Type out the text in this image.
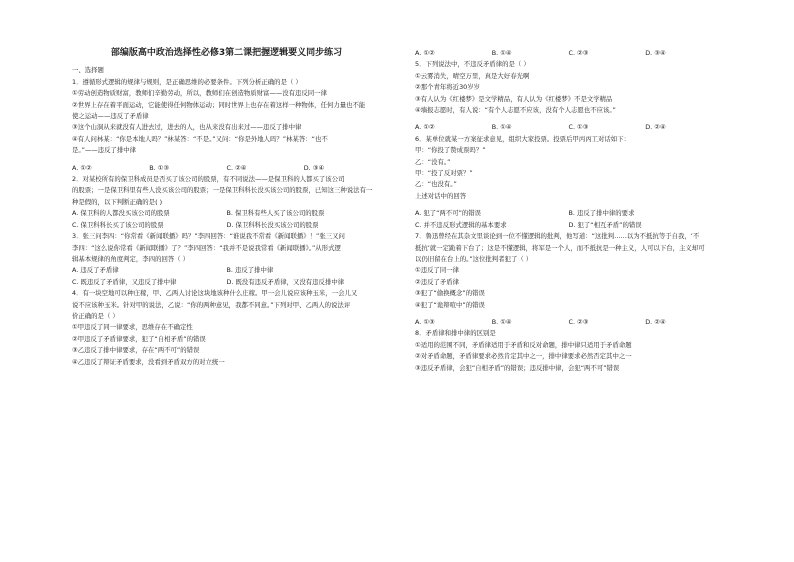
部编版高中政治选择性必修3第二课把握逻辑要义同步练习
一、选择题
1．遵循形式逻辑的规律与规则，是正确思维的必要条件。下列分析正确的是（ ）
①劳动创造物质财富，教师们辛勤劳动，所以，教师们在创造物质财富——没有违反同一律
②世界上存在着平面运动，它能使得任何物体运动；同时世界上也存在着这样一种物体，任何力量也不能
使之运动——违反了矛盾律
③这个山洞从来就没有人进去过，进去的人，也从来没有出来过——违反了排中律
④有人问林某：“你是本地人吗？”林某答：“不是。”又问：“你是外地人吗？”林某答：“也不
是。”——违反了排中律
A. ①②	B. ①③	C. ②④	D. ③④
2．对某校所有的保卫科成员是否买了该公司的股票，有不同说法——是保卫科的人都买了该公司
的股票；一是保卫科里有些人没买该公司的股票；一是保卫科科长没买该公司的股票，已知这三种说法有一
种是假的，以下判断正确的是( )
A. 保卫科的人都没买该公司的股票	B. 保卫科有些人买了该公司的股票
C. 保卫科科长买了该公司的股票	D. 保卫科科长没买该公司的股票
3．张三问李四：“你常看《新闻联播》吗？”李四回答：“谁说我不常看《新闻联播》！”张三又问
李四：“这么说你常看《新闻联播》了？”李四回答：“我并不是说我常看《新闻联播》。”从形式逻
辑基本规律的角度判定，李四的回答（ ）
A. 违反了矛盾律	B. 违反了排中律
C. 既违反了矛盾律，又违反了排中律	D. 既没有违反矛盾律，又没有违反排中律
4．有一块空地可以种庄稼，甲、乙两人讨论这块地该种什么庄稼。甲一会儿说应该种玉米，一会儿又
说不应该种玉米。针对甲的说法，乙说：“你的两种意见，我都不同意。”下列对甲、乙两人的说法评
价正确的是（ ）
①甲违反了同一律要求，思维存在不确定性
②甲违反了矛盾律要求，犯了“自相矛盾”的错误
③乙违反了排中律要求，存在“两不可”的错误
④乙违反了辩证矛盾要求，没看到矛盾双方的对立统一
A. ①②	B. ①④	C. ②③	D. ③④
5．下列说法中，不违反矛盾律的是（ ）
①云雾消失，晴空万里，真是大好春光啊
②那个青年将近30岁岁
③有人认为《红楼梦》是文学精品，有人认为《红楼梦》不是文学精品
④墙报志愿时，有人说：“有个人志愿不应该，没有个人志愿也不应该。”
A. ①②	B. ①④	C. ①③	D. ②④
6．某单位就某一方案征求意见，组织大家投票。投票后甲丙丙工对话如下：
甲：“你投了赞成票吗？”
乙：“没有。”
甲：“投了反对票？”
乙：“也没有。”
上述对话中的回答
A. 犯了“两不可”的错误	B. 违反了排中律的要求
C. 并不违反形式逻辑的基本要求	D. 犯了“相互矛盾”的错误
7．鲁迅曾经在其杂文里谈论到一位不懂逻辑的批判，他写道：“这批判……以为不抵抗等于自我，‘不
抵抗’就一定跪着下台了；这是不懂逻辑，将军是一个人，而不抵抗是一种主义，人可以下台，主义却可
以仍旧留在台上的。”这位批判者犯了（ ）
①违反了同一律
②违反了矛盾律
③犯了“偷换概念”的错误
④犯了“诡辩喧中”的错误
A. ①③	B. ①④	C. ②③	D. ②④
8．矛盾律和排中律的区别是
①适用的范围不同，矛盾律适用于矛盾和反对命题，排中律只适用于矛盾命题
②对矛盾命题，矛盾律要求必然肯定其中之一，排中律要求必然否定其中之一
③违反矛盾律，会犯“自相矛盾”的错误；违反排中律，会犯“两不可”错误
